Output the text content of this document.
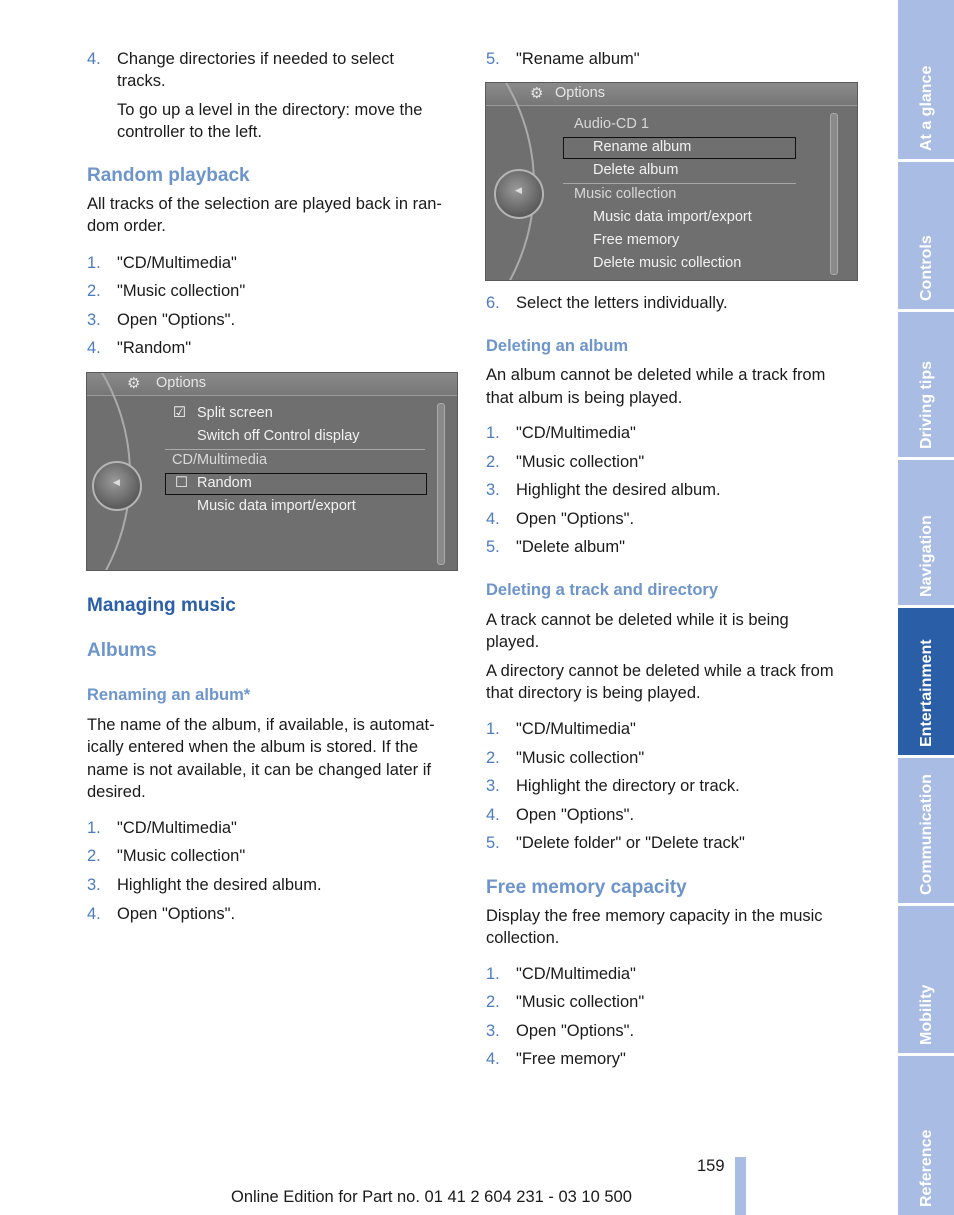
4. Change directories if needed to select
tracks.
To go up a level in the directory: move the
controller to the left.
Random playback
All tracks of the selection are played back in ran-
dom order.
1. "CD/Multimedia"
2. "Music collection"
3. Open "Options".
4. "Random"
⚙ Options
◀
☑ Split screen
Switch off Control display
CD/Multimedia
☐ Random
Music data import/export
Managing music
Albums
Renaming an album*
The name of the album, if available, is automat-
ically entered when the album is stored. If the
name is not available, it can be changed later if
desired.
1. "CD/Multimedia"
2. "Music collection"
3. Highlight the desired album.
4. Open "Options".
5. "Rename album"
⚙ Options
◀
Audio-CD 1
Rename album
Delete album
Music collection
Music data import/export
Free memory
Delete music collection
6. Select the letters individually.
Deleting an album
An album cannot be deleted while a track from
that album is being played.
1. "CD/Multimedia"
2. "Music collection"
3. Highlight the desired album.
4. Open "Options".
5. "Delete album"
Deleting a track and directory
A track cannot be deleted while it is being
played.
A directory cannot be deleted while a track from
that directory is being played.
1. "CD/Multimedia"
2. "Music collection"
3. Highlight the directory or track.
4. Open "Options".
5. "Delete folder" or "Delete track"
Free memory capacity
Display the free memory capacity in the music
collection.
1. "CD/Multimedia"
2. "Music collection"
3. Open "Options".
4. "Free memory"
At a glance
Controls
Driving tips
Navigation
Entertainment
Communication
Mobility
Reference
159
Online Edition for Part no. 01 41 2 604 231 - 03 10 500
